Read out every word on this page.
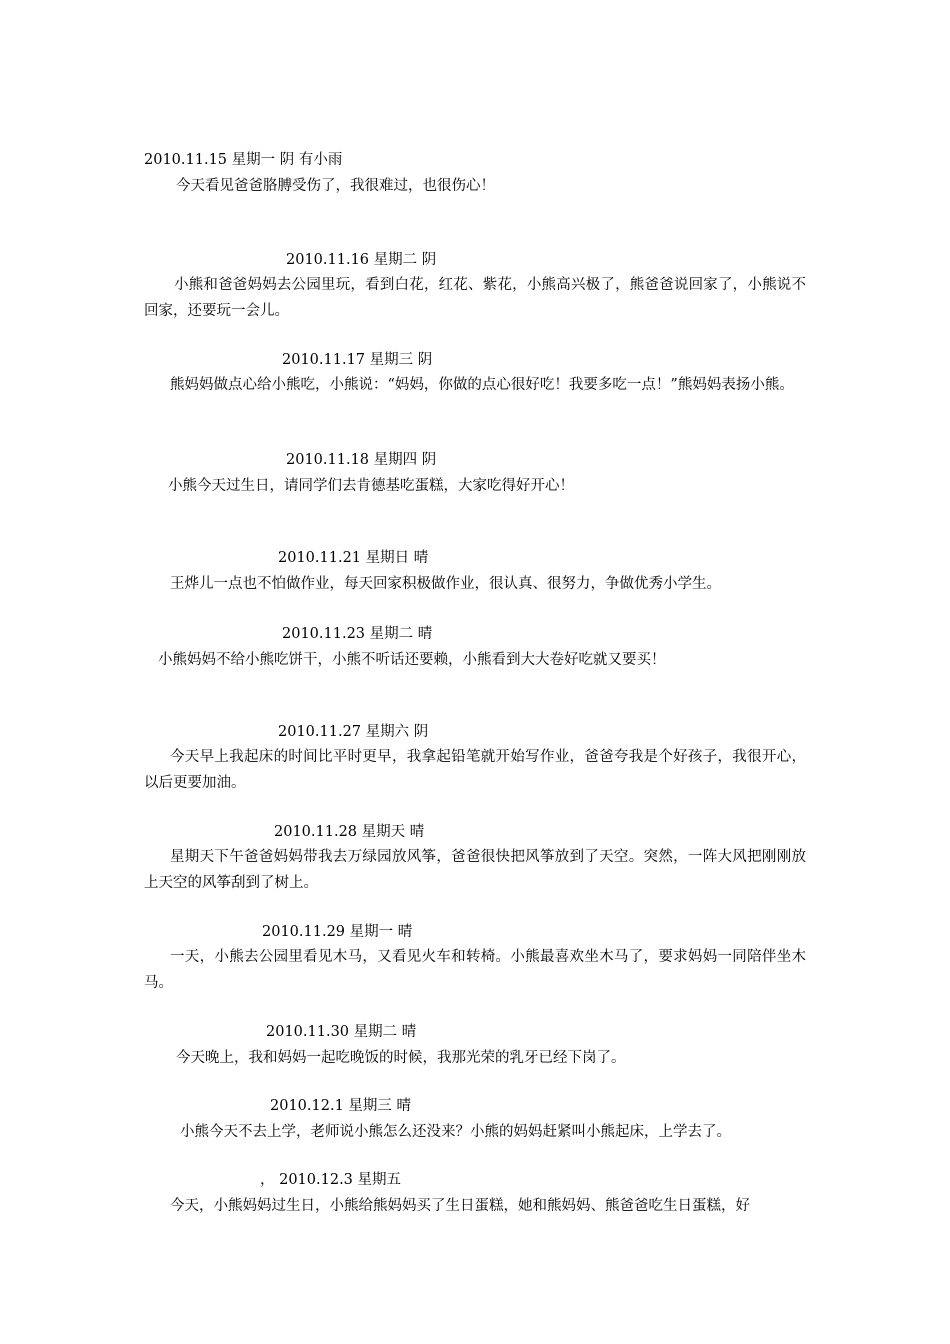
2010.11.15 星期一 阴 有小雨
今天看见爸爸胳膊受伤了，我很难过，也很伤心！
2010.11.16 星期二 阴
小熊和爸爸妈妈去公园里玩，看到白花，红花、紫花，小熊高兴极了，熊爸爸说回家了，小熊说不回家，还要玩一会儿。
2010.11.17 星期三 阴
熊妈妈做点心给小熊吃，小熊说：“妈妈，你做的点心很好吃！我要多吃一点！”熊妈妈表扬小熊。
2010.11.18 星期四 阴
小熊今天过生日，请同学们去肯德基吃蛋糕，大家吃得好开心！
2010.11.21 星期日 晴
王烨儿一点也不怕做作业，每天回家积极做作业，很认真、很努力，争做优秀小学生。
2010.11.23 星期二 晴
小熊妈妈不给小熊吃饼干，小熊不听话还要赖，小熊看到大大卷好吃就又要买！
2010.11.27 星期六 阴
今天早上我起床的时间比平时更早，我拿起铅笔就开始写作业，爸爸夸我是个好孩子，我很开心，以后更要加油。
2010.11.28 星期天 晴
星期天下午爸爸妈妈带我去万绿园放风筝，爸爸很快把风筝放到了天空。突然，一阵大风把刚刚放上天空的风筝刮到了树上。
2010.11.29 星期一 晴
一天，小熊去公园里看见木马，又看见火车和转椅。小熊最喜欢坐木马了，要求妈妈一同陪伴坐木马。
2010.11.30 星期二 晴
今天晚上，我和妈妈一起吃晚饭的时候，我那光荣的乳牙已经下岗了。
2010.12.1 星期三 晴
小熊今天不去上学，老师说小熊怎么还没来？小熊的妈妈赶紧叫小熊起床，上学去了。
， 2010.12.3 星期五
今天，小熊妈妈过生日，小熊给熊妈妈买了生日蛋糕，她和熊妈妈、熊爸爸吃生日蛋糕，好
